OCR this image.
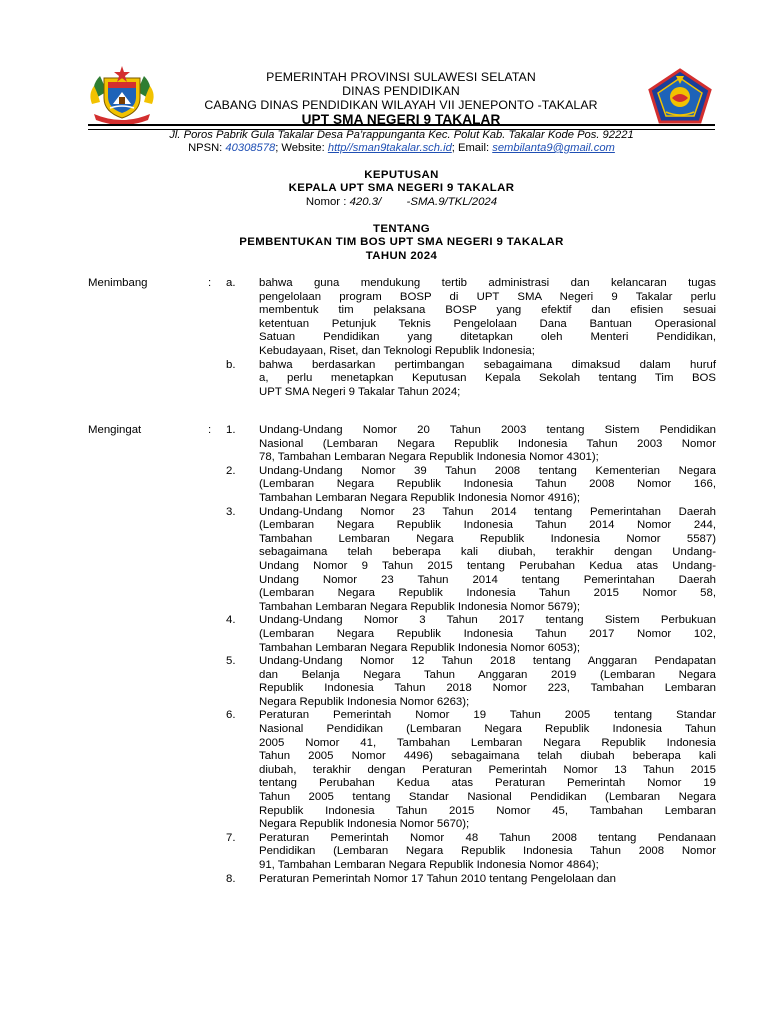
PEMERINTAH PROVINSI SULAWESI SELATAN
DINAS PENDIDIKAN
CABANG DINAS PENDIDIKAN WILAYAH VII JENEPONTO -TAKALAR
UPT SMA NEGERI 9 TAKALAR
Jl. Poros Pabrik Gula Takalar Desa Pa’rappunganta Kec. Polut Kab. Takalar Kode Pos. 92221
NPSN: 40308578; Website: http//sman9takalar.sch.id; Email: sembilanta9@gmail.com
KEPUTUSAN
KEPALA UPT SMA NEGERI 9 TAKALAR
Nomor : 420.3/        -SMA.9/TKL/2024
TENTANG
PEMBENTUKAN TIM BOS UPT SMA NEGERI 9 TAKALAR
TAHUN 2024
Menimbang	: a. bahwa guna mendukung tertib administrasi dan kelancaran tugas
pengelolaan program BOSP di UPT SMA Negeri 9 Takalar perlu
membentuk tim pelaksana BOSP yang efektif dan efisien sesuai
ketentuan Petunjuk Teknis Pengelolaan Dana Bantuan Operasional
Satuan Pendidikan yang ditetapkan oleh Menteri Pendidikan,
Kebudayaan, Riset, dan Teknologi Republik Indonesia;
b. bahwa berdasarkan pertimbangan sebagaimana dimaksud dalam huruf
a, perlu menetapkan Keputusan Kepala Sekolah tentang Tim BOS
UPT SMA Negeri 9 Takalar Tahun 2024;
Mengingat	: 1. Undang-Undang Nomor 20 Tahun 2003 tentang Sistem Pendidikan
Nasional (Lembaran Negara Republik Indonesia Tahun 2003 Nomor
78, Tambahan Lembaran Negara Republik Indonesia Nomor 4301);
2. Undang-Undang Nomor 39 Tahun 2008 tentang Kementerian Negara
(Lembaran Negara Republik Indonesia Tahun 2008 Nomor 166,
Tambahan Lembaran Negara Republik Indonesia Nomor 4916);
3. Undang-Undang Nomor 23 Tahun 2014 tentang Pemerintahan Daerah
(Lembaran Negara Republik Indonesia Tahun 2014 Nomor 244,
Tambahan Lembaran Negara Republik Indonesia Nomor 5587)
sebagaimana telah beberapa kali diubah, terakhir dengan Undang-
Undang Nomor 9 Tahun 2015 tentang Perubahan Kedua atas Undang-
Undang Nomor 23 Tahun 2014 tentang Pemerintahan Daerah
(Lembaran Negara Republik Indonesia Tahun 2015 Nomor 58,
Tambahan Lembaran Negara Republik Indonesia Nomor 5679);
4. Undang-Undang Nomor 3 Tahun 2017 tentang Sistem Perbukuan
(Lembaran Negara Republik Indonesia Tahun 2017 Nomor 102,
Tambahan Lembaran Negara Republik Indonesia Nomor 6053);
5. Undang-Undang Nomor 12 Tahun 2018 tentang Anggaran Pendapatan
dan Belanja Negara Tahun Anggaran 2019 (Lembaran Negara
Republik Indonesia Tahun 2018 Nomor 223, Tambahan Lembaran
Negara Republik Indonesia Nomor 6263);
6. Peraturan Pemerintah Nomor 19 Tahun 2005 tentang Standar
Nasional Pendidikan (Lembaran Negara Republik Indonesia Tahun
2005 Nomor 41, Tambahan Lembaran Negara Republik Indonesia
Tahun 2005 Nomor 4496) sebagaimana telah diubah beberapa kali
diubah, terakhir dengan Peraturan Pemerintah Nomor 13 Tahun 2015
tentang Perubahan Kedua atas Peraturan Pemerintah Nomor 19
Tahun 2005 tentang Standar Nasional Pendidikan (Lembaran Negara
Republik Indonesia Tahun 2015 Nomor 45, Tambahan Lembaran
Negara Republik Indonesia Nomor 5670);
7. Peraturan Pemerintah Nomor 48 Tahun 2008 tentang Pendanaan
Pendidikan (Lembaran Negara Republik Indonesia Tahun 2008 Nomor
91, Tambahan Lembaran Negara Republik Indonesia Nomor 4864);
8. Peraturan Pemerintah Nomor 17 Tahun 2010 tentang Pengelolaan dan
